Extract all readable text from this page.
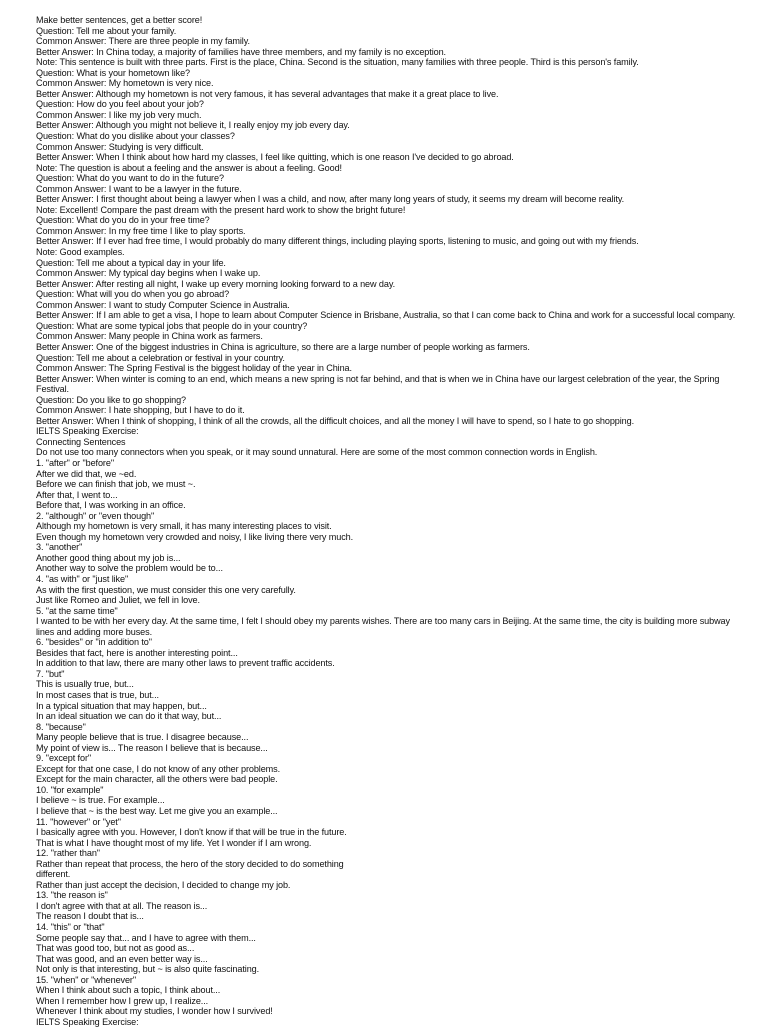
Make better sentences, get a better score!
Question: Tell me about your family.
Common Answer: There are three people in my family.
Better Answer: In China today, a majority of families have three members, and my family is no exception.
Note: This sentence is built with three parts. First is the place, China. Second is the situation, many families with three people. Third is this person's family.
Question: What is your hometown like?
Common Answer: My hometown is very nice.
Better Answer: Although my hometown is not very famous, it has several advantages that make it a great place to live.
Question: How do you feel about your job?
Common Answer: I like my job very much.
Better Answer: Although you might not believe it, I really enjoy my job every day.
Question: What do you dislike about your classes?
Common Answer: Studying is very difficult.
Better Answer: When I think about how hard my classes, I feel like quitting, which is one reason I've decided to go abroad.
Note: The question is about a feeling and the answer is about a feeling. Good!
Question: What do you want to do in the future?
Common Answer: I want to be a lawyer in the future.
Better Answer: I first thought about being a lawyer when I was a child, and now, after many long years of study, it seems my dream will become reality.
Note: Excellent! Compare the past dream with the present hard work to show the bright future!
Question: What do you do in your free time?
Common Answer: In my free time I like to play sports.
Better Answer: If I ever had free time, I would probably do many different things, including playing sports, listening to music, and going out with my friends.
Note: Good examples.
Question: Tell me about a typical day in your life.
Common Answer: My typical day begins when I wake up.
Better Answer: After resting all night, I wake up every morning looking forward to a new day.
Question: What will you do when you go abroad?
Common Answer: I want to study Computer Science in Australia.
Better Answer: If I am able to get a visa, I hope to learn about Computer Science in Brisbane, Australia, so that I can come back to China and work for a successful local company.
Question: What are some typical jobs that people do in your country?
Common Answer: Many people in China work as farmers.
Better Answer: One of the biggest industries in China is agriculture, so there are a large number of people working as farmers.
Question: Tell me about a celebration or festival in your country.
Common Answer: The Spring Festival is the biggest holiday of the year in China.
Better Answer: When winter is coming to an end, which means a new spring is not far behind, and that is when we in China have our largest celebration of the year, the Spring Festival.
Question: Do you like to go shopping?
Common Answer: I hate shopping, but I have to do it.
Better Answer: When I think of shopping, I think of all the crowds, all the difficult choices, and all the money I will have to spend, so I hate to go shopping.
IELTS Speaking Exercise:
Connecting Sentences
Do not use too many connectors when you speak, or it may sound unnatural. Here are some of the most common connection words in English.
1. "after" or "before"
After we did that, we ~ed.
Before we can finish that job, we must ~.
After that, I went to...
Before that, I was working in an office.
2. "although" or "even though"
Although my hometown is very small, it has many interesting places to visit.
Even though my hometown very crowded and noisy, I like living there very much.
3. "another"
Another good thing about my job is...
Another way to solve the problem would be to...
4. "as with" or "just like"
As with the first question, we must consider this one very carefully.
Just like Romeo and Juliet, we fell in love.
5. "at the same time"
I wanted to be with her every day. At the same time, I felt I should obey my parents wishes. There are too many cars in Beijing. At the same time, the city is building more subway lines and adding more buses.
6. "besides" or "in addition to"
Besides that fact, here is another interesting point...
In addition to that law, there are many other laws to prevent traffic accidents.
7. "but"
This is usually true, but...
In most cases that is true, but...
In a typical situation that may happen, but...
In an ideal situation we can do it that way, but...
8. "because"
Many people believe that is true. I disagree because...
My point of view is... The reason I believe that is because...
9. "except for"
Except for that one case, I do not know of any other problems.
Except for the main character, all the others were bad people.
10. "for example"
I believe ~ is true. For example...
I believe that ~ is the best way. Let me give you an example...
11. "however" or "yet"
I basically agree with you. However, I don't know if that will be true in the future.
That is what I have thought most of my life. Yet I wonder if I am wrong.
12. "rather than"
Rather than repeat that process, the hero of the story decided to do something
different.
Rather than just accept the decision, I decided to change my job.
13. "the reason is"
I don't agree with that at all. The reason is...
The reason I doubt that is...
14. "this" or "that"
Some people say that... and I have to agree with them...
That was good too, but not as good as...
That was good, and an even better way is...
Not only is that interesting, but ~ is also quite fascinating.
15. "when" or "whenever"
When I think about such a topic, I think about...
When I remember how I grew up, I realize...
Whenever I think about my studies, I wonder how I survived!
IELTS Speaking Exercise:
